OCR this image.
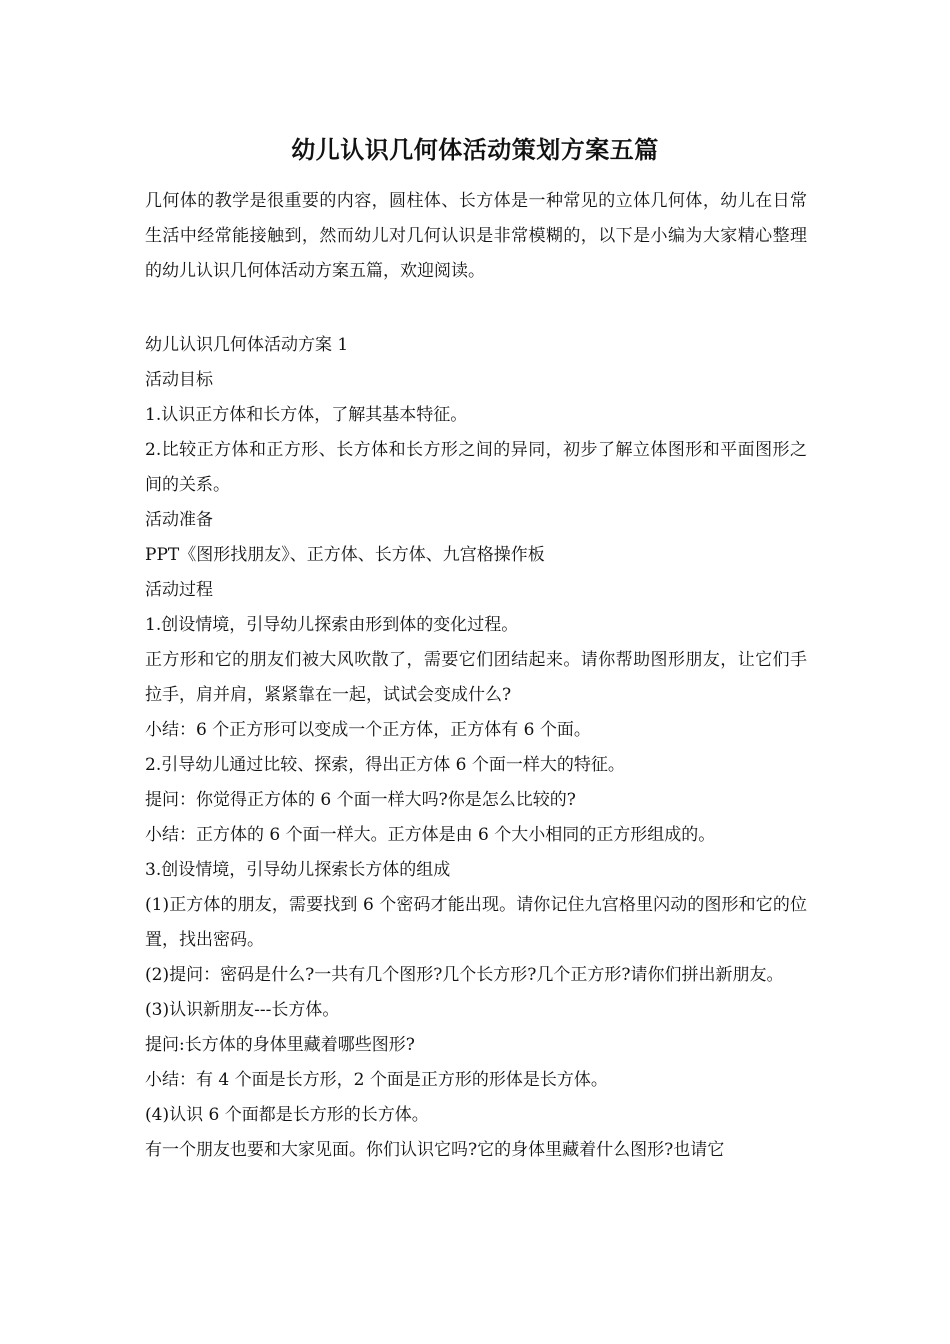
幼儿认识几何体活动策划方案五篇

几何体的教学是很重要的内容，圆柱体、长方体是一种常见的立体几何体，幼儿在日常生活中经常能接触到，然而幼儿对几何认识是非常模糊的，以下是小编为大家精心整理的幼儿认识几何体活动方案五篇，欢迎阅读。

幼儿认识几何体活动方案 1

活动目标

1.认识正方体和长方体，了解其基本特征。

2.比较正方体和正方形、长方体和长方形之间的异同，初步了解立体图形和平面图形之间的关系。

活动准备

PPT《图形找朋友》、正方体、长方体、九宫格操作板

活动过程

1.创设情境，引导幼儿探索由形到体的变化过程。

正方形和它的朋友们被大风吹散了，需要它们团结起来。请你帮助图形朋友，让它们手拉手，肩并肩，紧紧靠在一起，试试会变成什么?

小结：6 个正方形可以变成一个正方体，正方体有 6 个面。

2.引导幼儿通过比较、探索，得出正方体 6 个面一样大的特征。

提问：你觉得正方体的 6 个面一样大吗?你是怎么比较的?

小结：正方体的 6 个面一样大。正方体是由 6 个大小相同的正方形组成的。

3.创设情境，引导幼儿探索长方体的组成

(1)正方体的朋友，需要找到 6 个密码才能出现。请你记住九宫格里闪动的图形和它的位置，找出密码。

(2)提问：密码是什么?一共有几个图形?几个长方形?几个正方形?请你们拼出新朋友。

(3)认识新朋友---长方体。

提问:长方体的身体里藏着哪些图形?

小结：有 4 个面是长方形，2 个面是正方形的形体是长方体。

(4)认识 6 个面都是长方形的长方体。

有一个朋友也要和大家见面。你们认识它吗?它的身体里藏着什么图形?也请它
